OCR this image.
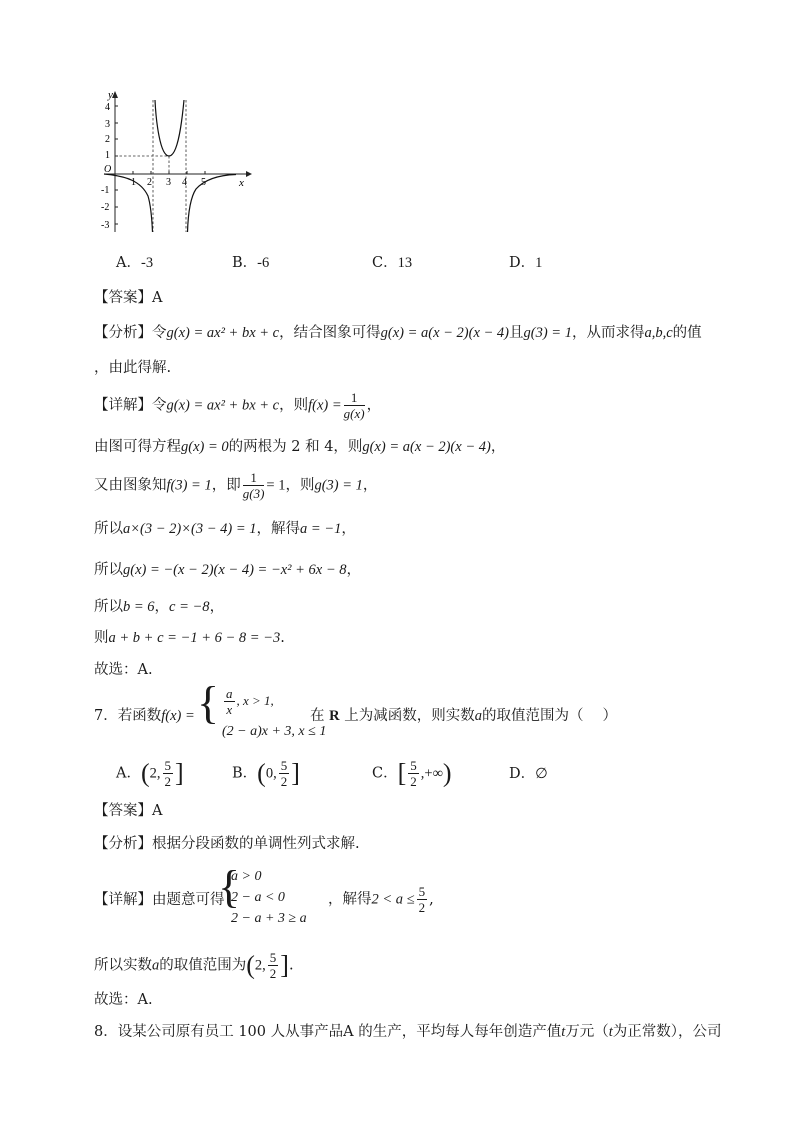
y
x
O
4
3
2
1
-1
-2
-3
1 2 3 4 5
A．-3	B．-6	C．13	D．1
【答案】A
【分析】令g(x) = ax² + bx + c，结合图象可得g(x) = a(x − 2)(x − 4)且g(3) = 1，从而求得a,b,c的值
，由此得解.
【详解】令g(x) = ax² + bx + c，则$f(x) = \frac{1}{g(x)}$ ，
由图可得方程g(x) = 0的两根为 2 和 4，则g(x) = a(x − 2)(x − 4)，
又由图象知f(3) = 1，即 $\frac{1}{g(3)} = 1$，则g(3) = 1，
所以a×(3 − 2)×(3 − 4) = 1，解得a = −1，
所以g(x) = −(x − 2)(x − 4) = −x² + 6x − 8，
所以b = 6，c = −8，
则a + b + c = −1 + 6 − 8 = −3.
故选：A.
7．若函数f(x) = { $\frac{a}{x}$ , x > 1,
(2 − a)x + 3, x ≤ 1
在 R 上为减函数，则实数a的取值范围为（　 ）
A．(2, $\frac{5}{2}$ ]	B．(0, $\frac{5}{2}$ ]	C．[ $\frac{5}{2}$ ,+∞)	D．∅
【答案】A
【分析】根据分段函数的单调性列式求解.
【详解】由题意可得
{
a > 0
2 − a < 0
2 − a + 3 ≥ a
，解得$2 < a \le \frac{5}{2}$ ,
所以实数a的取值范围为(2, $\frac{5}{2}$ ].
故选：A.
8．设某公司原有员工 100 人从事产品A 的生产，平均每人每年创造产值t万元（t为正常数），公司
